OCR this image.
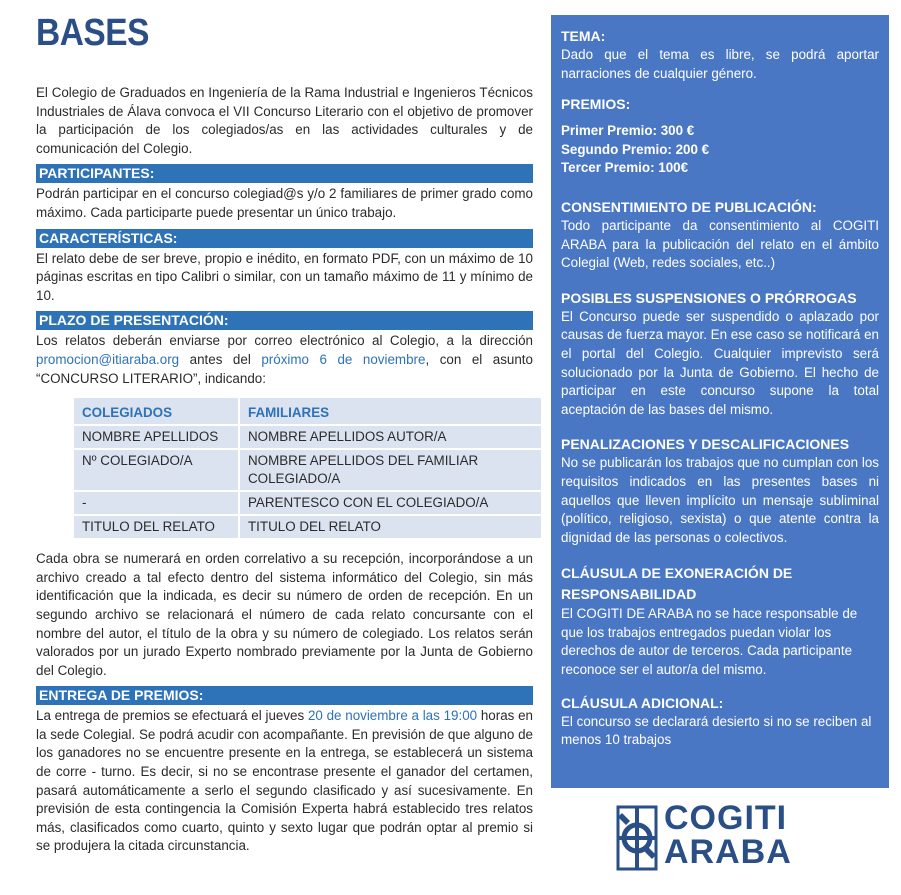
BASES

El Colegio de Graduados en Ingeniería de la Rama Industrial e Ingenieros Técnicos Industriales de Álava convoca el VII Concurso Literario con el objetivo de promover la participación de los colegiados/as en las actividades culturales y de comunicación del Colegio.

PARTICIPANTES:

Podrán participar en el concurso colegiad@s y/o 2 familiares de primer grado como máximo. Cada participarte puede presentar un único trabajo.

CARACTERÍSTICAS:

El relato debe de ser breve, propio e inédito, en formato PDF, con un máximo de 10 páginas escritas en tipo Calibri o similar, con un tamaño máximo de 11 y mínimo de 10.

PLAZO DE PRESENTACIÓN:

Los relatos deberán enviarse por correo electrónico al Colegio, a la dirección promocion@itiaraba.org antes del próximo 6 de noviembre, con el asunto “CONCURSO LITERARIO”, indicando:

COLEGIADOS	FAMILIARES
NOMBRE APELLIDOS	NOMBRE APELLIDOS AUTOR/A
Nº COLEGIADO/A	NOMBRE APELLIDOS DEL FAMILIAR COLEGIADO/A
-	PARENTESCO CON EL COLEGIADO/A
TITULO DEL RELATO	TITULO DEL RELATO

Cada obra se numerará en orden correlativo a su recepción, incorporándose a un archivo creado a tal efecto dentro del sistema informático del Colegio, sin más identificación que la indicada, es decir su número de orden de recepción. En un segundo archivo se relacionará el número de cada relato concursante con el nombre del autor, el título de la obra y su número de colegiado. Los relatos serán valorados por un jurado Experto nombrado previamente por la Junta de Gobierno del Colegio.

ENTREGA DE PREMIOS:

La entrega de premios se efectuará el jueves 20 de noviembre a las 19:00 horas en la sede Colegial. Se podrá acudir con acompañante. En previsión de que alguno de los ganadores no se encuentre presente en la entrega, se establecerá un sistema de corre - turno. Es decir, si no se encontrase presente el ganador del certamen, pasará automáticamente a serlo el segundo clasificado y así sucesivamente. En previsión de esta contingencia la Comisión Experta habrá establecido tres relatos más, clasificados como cuarto, quinto y sexto lugar que podrán optar al premio si se produjera la citada circunstancia.

TEMA:

Dado que el tema es libre, se podrá aportar narraciones de cualquier género.

PREMIOS:

Primer Premio: 300 €

Segundo Premio: 200 €

Tercer Premio: 100€

CONSENTIMIENTO DE PUBLICACIÓN:

Todo participante da consentimiento al COGITI ARABA para la publicación del relato en el ámbito Colegial (Web, redes sociales, etc..)

POSIBLES SUSPENSIONES O PRÓRROGAS

El Concurso puede ser suspendido o aplazado por causas de fuerza mayor. En ese caso se notificará en el portal del Colegio. Cualquier imprevisto será solucionado por la Junta de Gobierno. El hecho de participar en este concurso supone la total aceptación de las bases del mismo.

PENALIZACIONES Y DESCALIFICACIONES

No se publicarán los trabajos que no cumplan con los requisitos indicados en las presentes bases ni aquellos que lleven implícito un mensaje subliminal (político, religioso, sexista) o que atente contra la dignidad de las personas o colectivos.

CLÁUSULA DE EXONERACIÓN DE RESPONSABILIDAD

El COGITI DE ARABA no se hace responsable de que los trabajos entregados puedan violar los derechos de autor de terceros. Cada participante reconoce ser el autor/a del mismo.

CLÁUSULA ADICIONAL:

El concurso se declarará desierto si no se reciben al menos 10 trabajos

COGITI
ARABA
